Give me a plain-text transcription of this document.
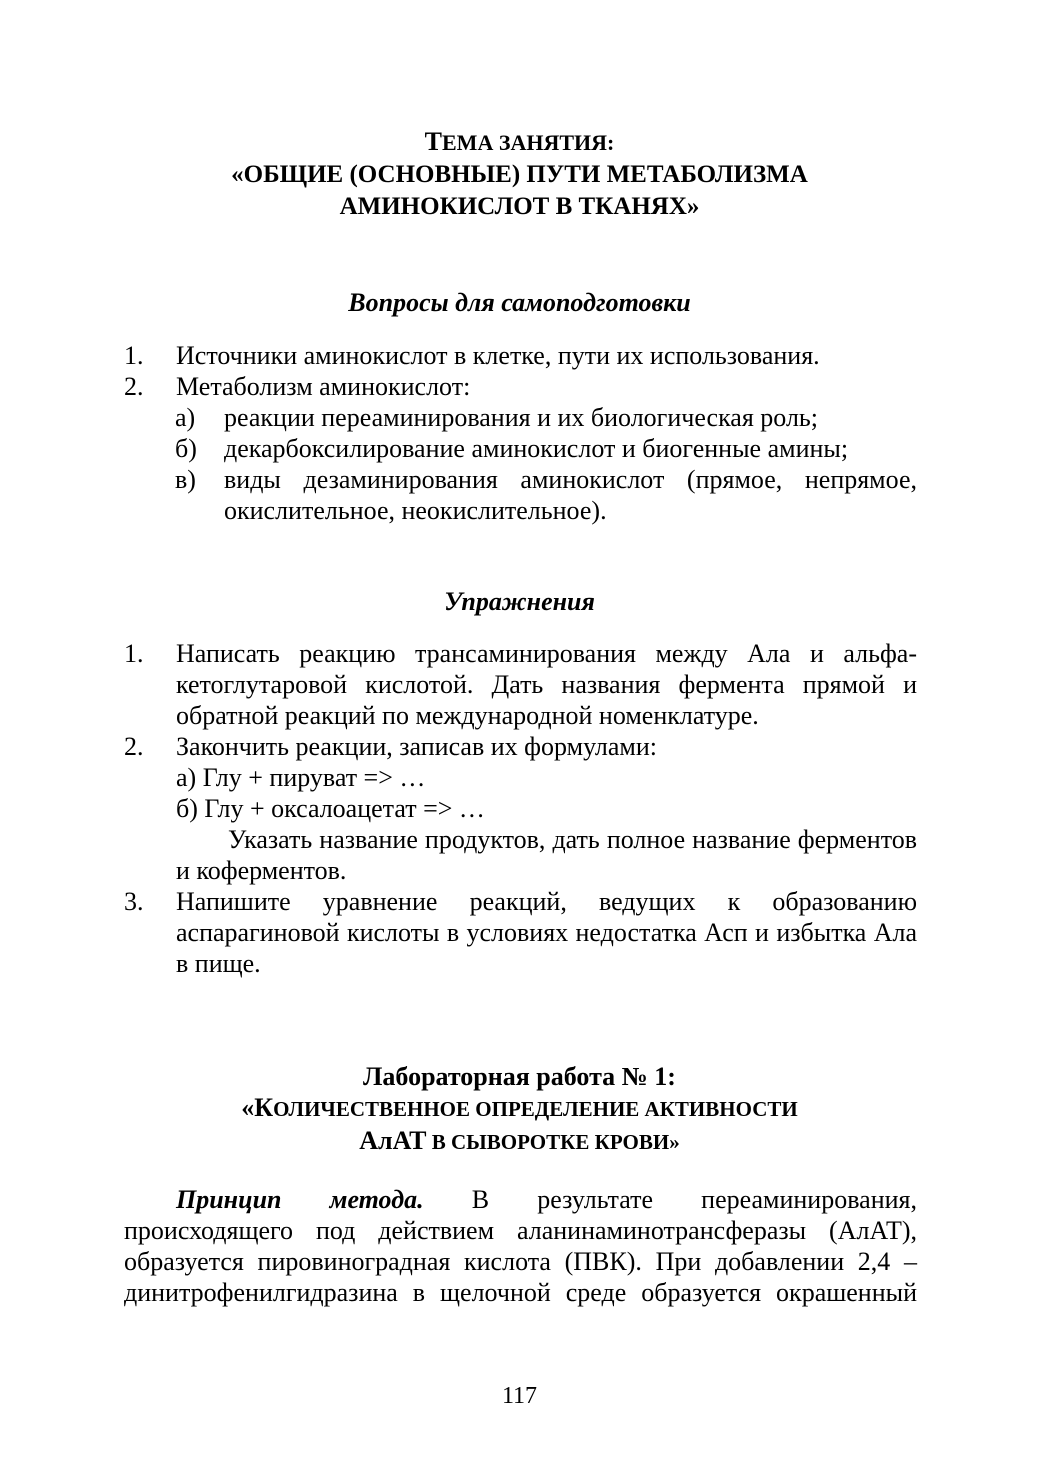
ТЕМА ЗАНЯТИЯ:
«ОБЩИЕ (ОСНОВНЫЕ) ПУТИ МЕТАБОЛИЗМА
АМИНОКИСЛОТ В ТКАНЯХ»
Вопросы для самоподготовки
1. Источники аминокислот в клетке, пути их использования.
2. Метаболизм аминокислот:
а) реакции переаминирования и их биологическая роль;
б) декарбоксилирование аминокислот и биогенные амины;
в) виды дезаминирования аминокислот (прямое, непрямое, окислительное, неокислительное).
Упражнения
1. Написать реакцию трансаминирования между Ала и альфа-кетоглутаровой кислотой. Дать названия фермента прямой и обратной реакций по международной номенклатуре.
2. Закончить реакции, записав их формулами:
а) Глу + пируват => …
б) Глу + оксалоацетат => …
Указать название продуктов, дать полное название ферментов и коферментов.
3. Напишите уравнение реакций, ведущих к образованию аспарагиновой кислоты в условиях недостатка Асп и избытка Ала в пище.
Лабораторная работа № 1:
«КОЛИЧЕСТВЕННОЕ ОПРЕДЕЛЕНИЕ АКТИВНОСТИ
АлАТ В СЫВОРОТКЕ КРОВИ»
Принцип метода. В результате переаминирования, происходящего под действием аланинаминотрансферазы (АлАТ), образуется пировиноградная кислота (ПВК). При добавлении 2,4 – динитрофенилгидразина в щелочной среде образуется окрашенный
117
